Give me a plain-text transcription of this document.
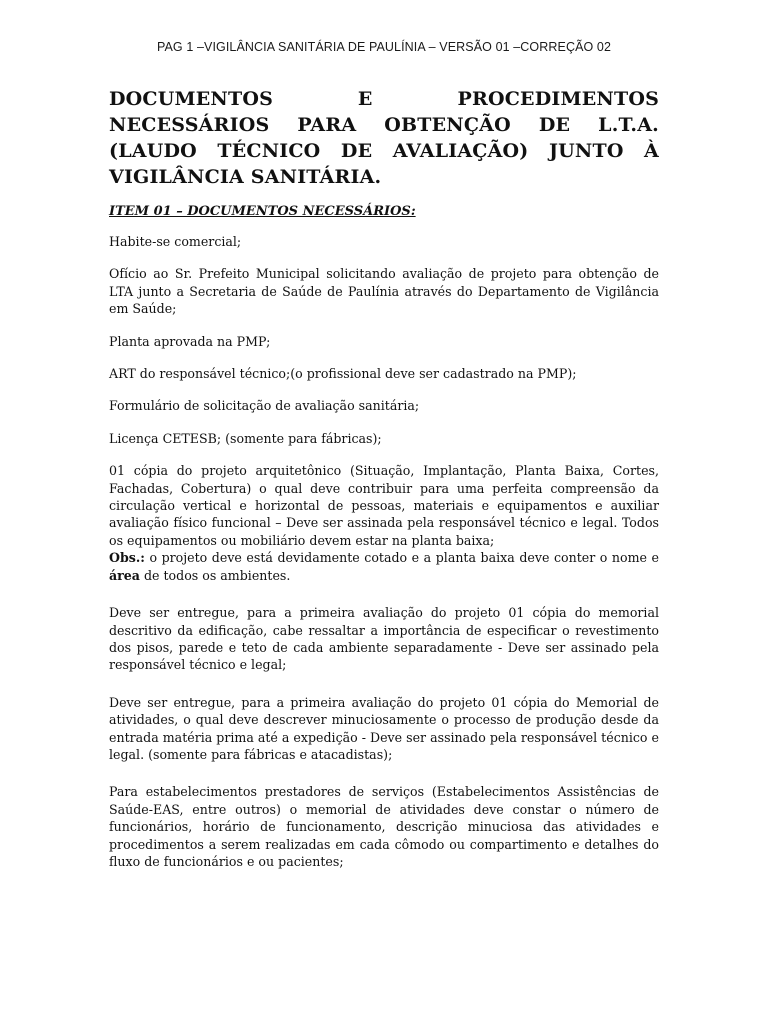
PAG 1 –VIGILÂNCIA SANITÁRIA DE PAULÍNIA – VERSÃO 01 –CORREÇÃO 02
DOCUMENTOS E PROCEDIMENTOS NECESSÁRIOS PARA OBTENÇÃO DE L.T.A. (LAUDO TÉCNICO DE AVALIAÇÃO) JUNTO À VIGILÂNCIA SANITÁRIA.
ITEM 01 – DOCUMENTOS NECESSÁRIOS:

Habite-se comercial;

Ofício ao Sr. Prefeito Municipal solicitando avaliação de projeto para obtenção de LTA junto a Secretaria de Saúde de Paulínia através do Departamento de Vigilância em Saúde;

Planta aprovada na PMP;

ART do responsável técnico;(o profissional deve ser cadastrado na PMP);

Formulário de solicitação de avaliação sanitária;

Licença CETESB; (somente para fábricas);

01 cópia do projeto arquitetônico (Situação, Implantação, Planta Baixa, Cortes, Fachadas, Cobertura) o qual deve contribuir para uma perfeita compreensão da circulação vertical e horizontal de pessoas, materiais e equipamentos e auxiliar avaliação físico funcional – Deve ser assinada pela responsável técnico e legal. Todos os equipamentos ou mobiliário devem estar na planta baixa;

Obs.: o projeto deve está devidamente cotado e a planta baixa deve conter o nome e área de todos os ambientes.

Deve ser entregue, para a primeira avaliação do projeto 01 cópia do memorial descritivo da edificação, cabe ressaltar a importância de especificar o revestimento dos pisos, parede e teto de cada ambiente separadamente - Deve ser assinado pela responsável técnico e legal;

Deve ser entregue, para a primeira avaliação do projeto 01 cópia do Memorial de atividades, o qual deve descrever minuciosamente o processo de produção desde da entrada matéria prima até a expedição - Deve ser assinado pela responsável técnico e legal. (somente para fábricas e atacadistas);

Para estabelecimentos prestadores de serviços (Estabelecimentos Assistências de Saúde-EAS, entre outros) o memorial de atividades deve constar o número de funcionários, horário de funcionamento, descrição minuciosa das atividades e procedimentos a serem realizadas em cada cômodo ou compartimento e detalhes do fluxo de funcionários e ou pacientes;
